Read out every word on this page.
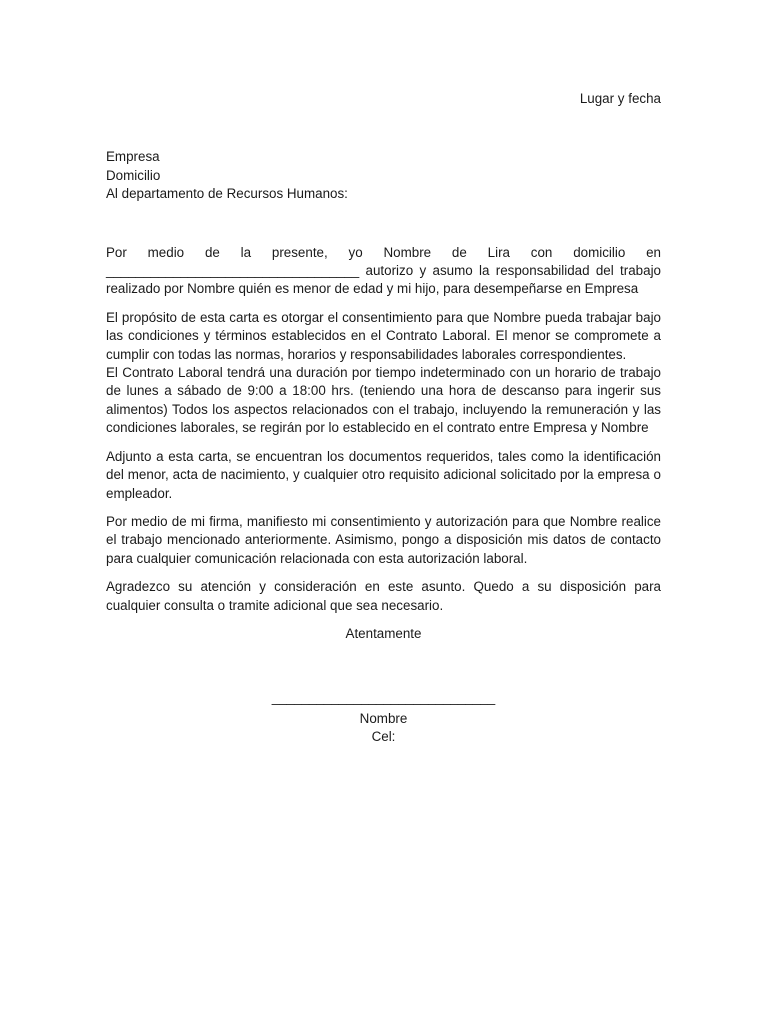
Lugar y fecha

Empresa
Domicilio
Al departamento de Recursos Humanos:
Por medio de la presente, yo Nombre de Lira con domicilio en
__________________________________ autorizo y asumo la responsabilidad del trabajo realizado por Nombre quién es menor de edad y mi hijo, para desempeñarse en Empresa

El propósito de esta carta es otorgar el consentimiento para que Nombre pueda trabajar bajo las condiciones y términos establecidos en el Contrato Laboral. El menor se compromete a cumplir con todas las normas, horarios y responsabilidades laborales correspondientes.

El Contrato Laboral tendrá una duración por tiempo indeterminado con un horario de trabajo de lunes a sábado de 9:00 a 18:00 hrs. (teniendo una hora de descanso para ingerir sus alimentos) Todos los aspectos relacionados con el trabajo, incluyendo la remuneración y las condiciones laborales, se regirán por lo establecido en el contrato entre Empresa y Nombre

Adjunto a esta carta, se encuentran los documentos requeridos, tales como la identificación del menor, acta de nacimiento, y cualquier otro requisito adicional solicitado por la empresa o empleador.

Por medio de mi firma, manifiesto mi consentimiento y autorización para que Nombre realice el trabajo mencionado anteriormente. Asimismo, pongo a disposición mis datos de contacto para cualquier comunicación relacionada con esta autorización laboral.

Agradezco su atención y consideración en este asunto. Quedo a su disposición para cualquier consulta o tramite adicional que sea necesario.

Atentamente
______________________________
Nombre
Cel:
